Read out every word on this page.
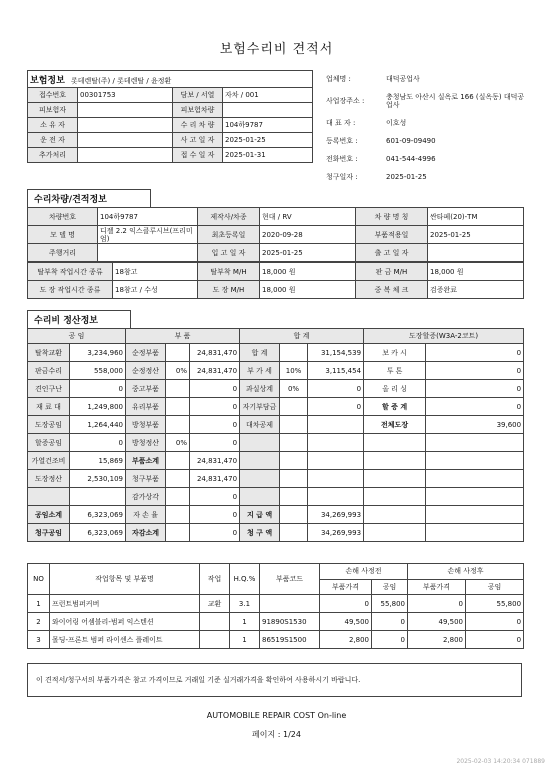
보험수리비 견적서
보험정보 롯데렌탈(주) / 롯데렌탈 / 윤정환			
접수번호	00301753	담보 / 서열	자차 / 001
피보험자		피보험차량	
소 유 자		수 리 차 량	104하9787
운 전 자		사 고 일 자	2025-01-25
추가처리		접 수 일 자	2025-01-31
업체명 :	대덕공업사
사업장주소 :	충청남도 아산시 실옥로 166 (실옥동) 대덕공업사
대 표 자 :	이호성
등록번호 :	601-09-09490
전화번호 :	041-544-4996
청구일자 :	2025-01-25
수리차량/견적정보
차량번호	104하9787	제작사/차종	현대 / RV	차 량 명 칭	싼타페(20)-TM
모 델 명	디젤 2.2 익스클루시브(프리미엄)	최초등록일	2020-09-28	부품적용일	2025-01-25
주행거리		입 고 일 자	2025-01-25	출 고 일 자	
탈부착 작업시간 종류	18참고	탈부착 M/H	18,000 원	판 금 M/H	18,000 원
도 장 작업시간 종류	18참고 / 수성	도 장 M/H	18,000 원	중 복 체 크	검증완료
수리비 정산정보
공 임		부 품			합 계			도장할증(W3A-2코트)	
탈착교환	3,234,960	순정부품		24,831,470	합 계		31,154,539	보 카 시	0
판금수리	558,000	순정정산	0%	24,831,470	부 가 세	10%	3,115,454	투 톤	0
견인구난	0	중고부품		0	과실상계	0%	0	올 리 싱	0
재 료 대	1,249,800	유리부품		0	자기부담금		0	할 증 계	0
도장공임	1,264,440	방청부품		0	대차공제			전체도장	39,600
할증공임	0	방청정산	0%	0					
가열건조비	15,869	부품소계		24,831,470					
도장정산	2,530,109	청구부품		24,831,470					
		감가상각		0					
공임소계	6,323,069	자 손 율		0	지 급 액		34,269,993		
청구공임	6,323,069	자감소계		0	청 구 액		34,269,993		
NO	작업항목 및 부품명	작업	H.Q.%	부품코드	손해 사정전		손해 사정후	
					부품가격	공임	부품가격	공임
1	프런트범퍼커버	교환	3.1		0	55,800	0	55,800
2	와이어링 어셈블리-범퍼 익스텐션		1	91890S1530	49,500	0	49,500	0
3	몰딩-프론트 범퍼 라이센스 플레이트		1	86519S1500	2,800	0	2,800	0
이 견적서/청구서의 부품가격은 참고 가격이므로 거래일 기준 실거래가격을 확인하여 사용하시기 바랍니다.
AUTOMOBILE REPAIR COST On-line
페이지 : 1/24
2025-02-03 14:20:34 071889
